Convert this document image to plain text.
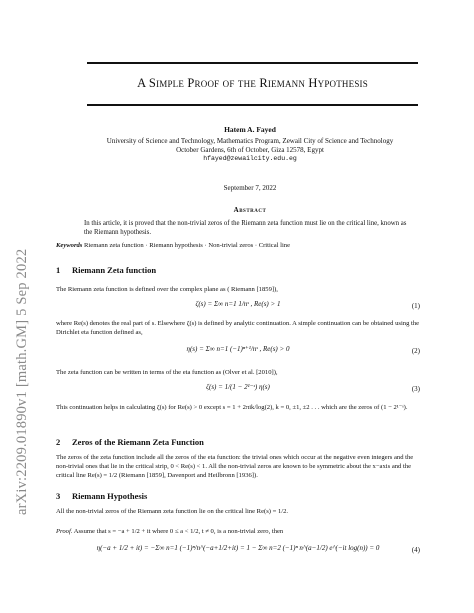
arXiv:2209.01890v1 [math.GM] 5 Sep 2022
A Simple Proof of the Riemann Hypothesis
Hatem A. Fayed
University of Science and Technology, Mathematics Program, Zewail City of Science and Technology
October Gardens, 6th of October, Giza 12578, Egypt
hfayed@zewailcity.edu.eg
September 7, 2022
Abstract
In this article, it is proved that the non-trivial zeros of the Riemann zeta function must lie on the critical line, known as the Riemann hypothesis.
Keywords Riemann zeta function · Riemann hypothesis · Non-trivial zeros · Critical line
1 Riemann Zeta function
The Riemann zeta function is defined over the complex plane as ( Riemann [1859]),
ζ(s) = Σ∞ n=1 1/nˢ , Re(s) > 1	(1)
where Re(s) denotes the real part of s. Elsewhere ζ(s) is defined by analytic continuation. A simple continuation can be obtained using the Dirichlet eta function defined as,
η(s) = Σ∞ n=1 (−1)ⁿ⁺¹/nˢ , Re(s) > 0	(2)
The zeta function can be written in terms of the eta function as (Olver et al. [2010]),
ζ(s) = 1/(1 − 2¹⁻ˢ) η(s)	(3)
This continuation helps in calculating ζ(s) for Re(s) > 0 except s = 1 + 2πik/log(2), k = 0, ±1, ±2 . . . which are the zeros of (1 − 2¹⁻ˢ).
2 Zeros of the Riemann Zeta Function
The zeros of the zeta function include all the zeros of the eta function: the trivial ones which occur at the negative even integers and the non-trivial ones that lie in the critical strip, 0 < Re(s) < 1. All the non-trivial zeros are known to be symmetric about the x−axis and the critical line Re(s) = 1/2 (Riemann [1859], Davenport and Heilbronn [1936]).
3 Riemann Hypothesis
All the non-trivial zeros of the Riemann zeta function lie on the critical line Re(s) = 1/2.
Proof. Assume that s = −a + 1/2 + it where 0 ≤ a < 1/2, t ≠ 0, is a non-trivial zero, then
η(−a + 1/2 + it) = −Σ∞ n=1 (−1)ⁿ/n^(−a+1/2+it) = 1 − Σ∞ n=2 (−1)ⁿ n^(a−1/2) e^(−it log(n)) = 0	(4)
